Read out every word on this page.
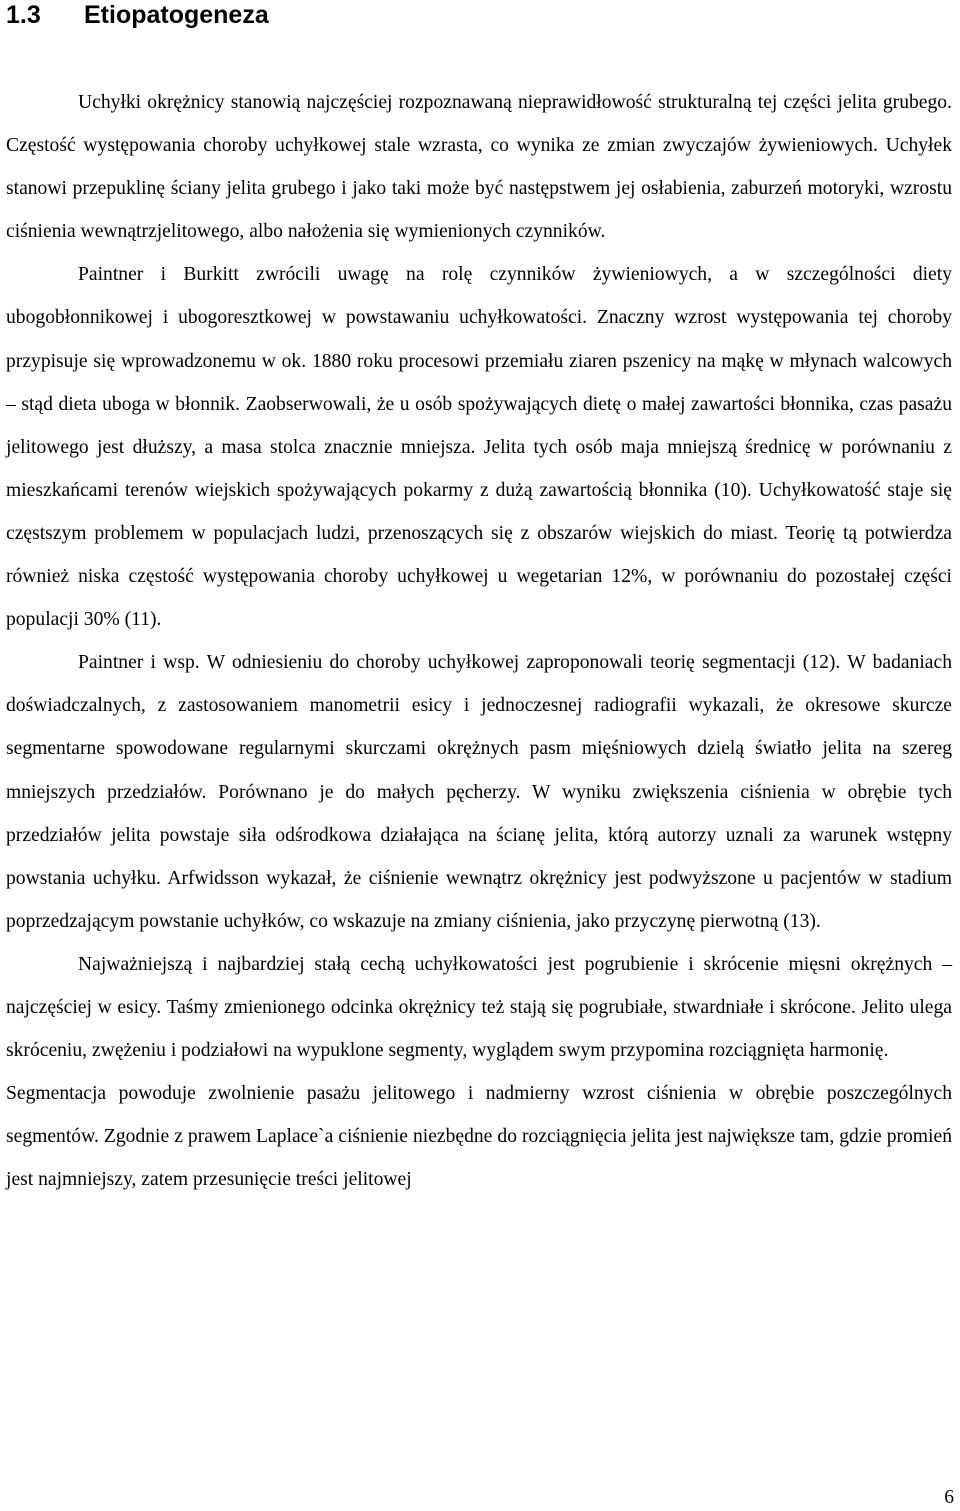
1.3 Etiopatogeneza

Uchyłki okrężnicy stanowią najczęściej rozpoznawaną nieprawidłowość strukturalną tej części jelita grubego. Częstość występowania choroby uchyłkowej stale wzrasta, co wynika ze zmian zwyczajów żywieniowych. Uchyłek stanowi przepuklinę ściany jelita grubego i jako taki może być następstwem jej osłabienia, zaburzeń motoryki, wzrostu ciśnienia wewnątrzjelitowego, albo nałożenia się wymienionych czynników.

Paintner i Burkitt zwrócili uwagę na rolę czynników żywieniowych, a w szczególności diety ubogobłonnikowej i ubogoresztkowej w powstawaniu uchyłkowatości. Znaczny wzrost występowania tej choroby przypisuje się wprowadzonemu w ok. 1880 roku procesowi przemiału ziaren pszenicy na mąkę w młynach walcowych – stąd dieta uboga w błonnik. Zaobserwowali, że u osób spożywających dietę o małej zawartości błonnika, czas pasażu jelitowego jest dłuższy, a masa stolca znacznie mniejsza. Jelita tych osób maja mniejszą średnicę w porównaniu z mieszkańcami terenów wiejskich spożywających pokarmy z dużą zawartością błonnika (10). Uchyłkowatość staje się częstszym problemem w populacjach ludzi, przenoszących się z obszarów wiejskich do miast. Teorię tą potwierdza również niska częstość występowania choroby uchyłkowej u wegetarian 12%, w porównaniu do pozostałej części populacji 30% (11).

Paintner i wsp. W odniesieniu do choroby uchyłkowej zaproponowali teorię segmentacji (12). W badaniach doświadczalnych, z zastosowaniem manometrii esicy i jednoczesnej radiografii wykazali, że okresowe skurcze segmentarne spowodowane regularnymi skurczami okrężnych pasm mięśniowych dzielą światło jelita na szereg mniejszych przedziałów. Porównano je do małych pęcherzy. W wyniku zwiększenia ciśnienia w obrębie tych przedziałów jelita powstaje siła odśrodkowa działająca na ścianę jelita, którą autorzy uznali za warunek wstępny powstania uchyłku. Arfwidsson wykazał, że ciśnienie wewnątrz okrężnicy jest podwyższone u pacjentów w stadium poprzedzającym powstanie uchyłków, co wskazuje na zmiany ciśnienia, jako przyczynę pierwotną (13).

Najważniejszą i najbardziej stałą cechą uchyłkowatości jest pogrubienie i skrócenie mięsni okrężnych – najczęściej w esicy. Taśmy zmienionego odcinka okrężnicy też stają się pogrubiałe, stwardniałe i skrócone. Jelito ulega skróceniu, zwężeniu i podziałowi na wypuklone segmenty, wyglądem swym przypomina rozciągnięta harmonię.

Segmentacja powoduje zwolnienie pasażu jelitowego i nadmierny wzrost ciśnienia w obrębie poszczególnych segmentów. Zgodnie z prawem Laplace`a ciśnienie niezbędne do rozciągnięcia jelita jest największe tam, gdzie promień jest najmniejszy, zatem przesunięcie treści jelitowej

6
